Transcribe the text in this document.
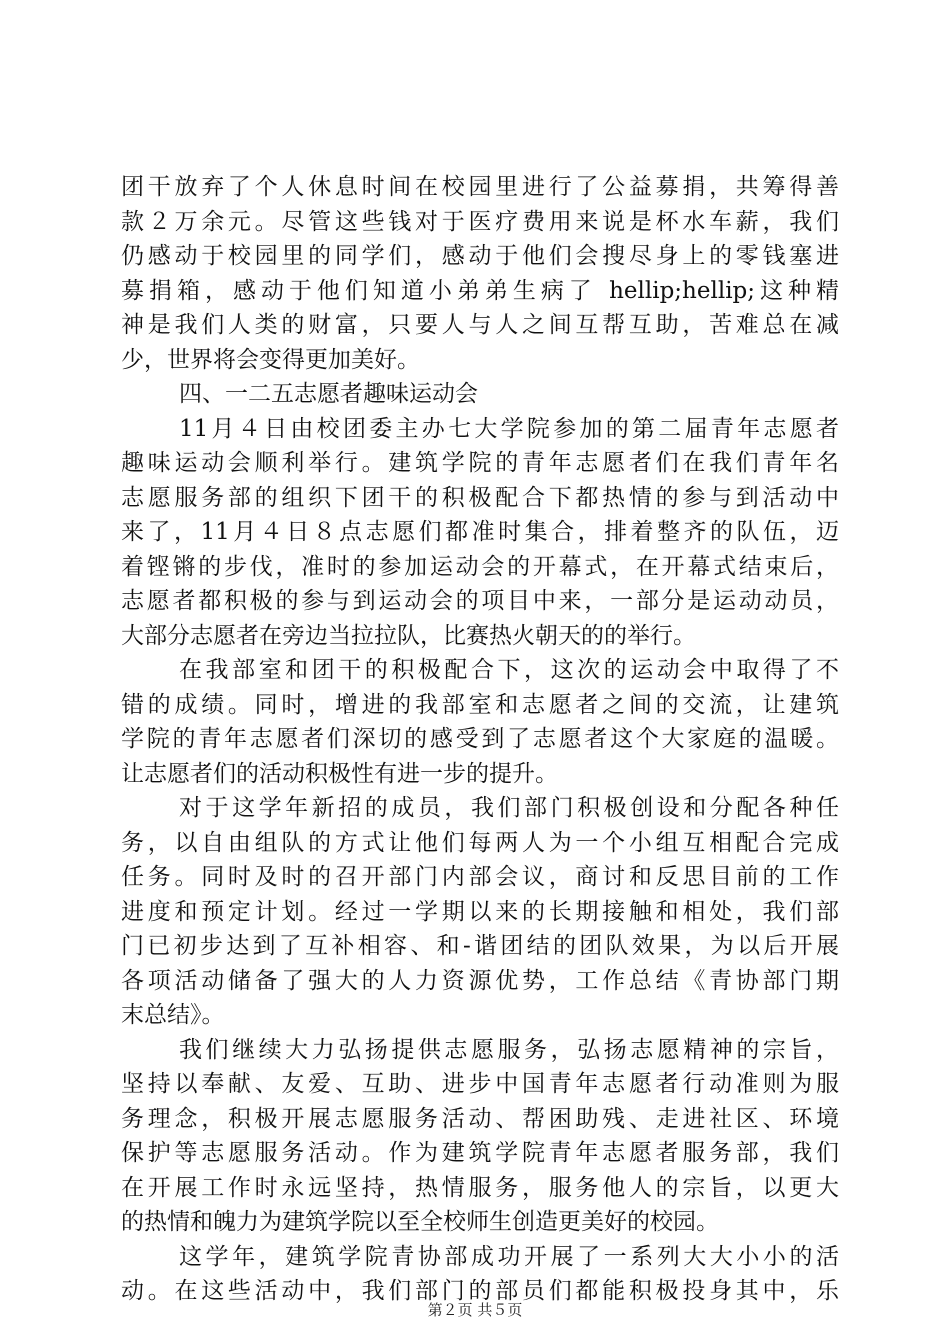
团干放弃了个人休息时间在校园里进行了公益募捐，共筹得善
款２万余元。尽管这些钱对于医疗费用来说是杯水车薪，我们
仍感动于校园里的同学们，感动于他们会搜尽身上的零钱塞进
募捐箱，感动于他们知道小弟弟生病了 hellip;hellip;这种精
神是我们人类的财富，只要人与人之间互帮互助，苦难总在减
少，世界将会变得更加美好。
四、一二五志愿者趣味运动会
11月４日由校团委主办七大学院参加的第二届青年志愿者
趣味运动会顺利举行。建筑学院的青年志愿者们在我们青年名
志愿服务部的组织下团干的积极配合下都热情的参与到活动中
来了，11月４日８点志愿们都准时集合，排着整齐的队伍，迈
着铿锵的步伐，准时的参加运动会的开幕式，在开幕式结束后，
志愿者都积极的参与到运动会的项目中来，一部分是运动动员，
大部分志愿者在旁边当拉拉队，比赛热火朝天的的举行。
在我部室和团干的积极配合下，这次的运动会中取得了不
错的成绩。同时，增进的我部室和志愿者之间的交流，让建筑
学院的青年志愿者们深切的感受到了志愿者这个大家庭的温暖。
让志愿者们的活动积极性有进一步的提升。
对于这学年新招的成员，我们部门积极创设和分配各种任
务，以自由组队的方式让他们每两人为一个小组互相配合完成
任务。同时及时的召开部门内部会议，商讨和反思目前的工作
进度和预定计划。经过一学期以来的长期接触和相处，我们部
门已初步达到了互补相容、和-谐团结的团队效果，为以后开展
各项活动储备了强大的人力资源优势，工作总结《青协部门期
末总结》。
我们继续大力弘扬提供志愿服务，弘扬志愿精神的宗旨，
坚持以奉献、友爱、互助、进步中国青年志愿者行动准则为服
务理念，积极开展志愿服务活动、帮困助残、走进社区、环境
保护等志愿服务活动。作为建筑学院青年志愿者服务部，我们
在开展工作时永远坚持，热情服务，服务他人的宗旨，以更大
的热情和魄力为建筑学院以至全校师生创造更美好的校园。
这学年，建筑学院青协部成功开展了一系列大大小小的活
动。在这些活动中，我们部门的部员们都能积极投身其中，乐
第２页 共５页
